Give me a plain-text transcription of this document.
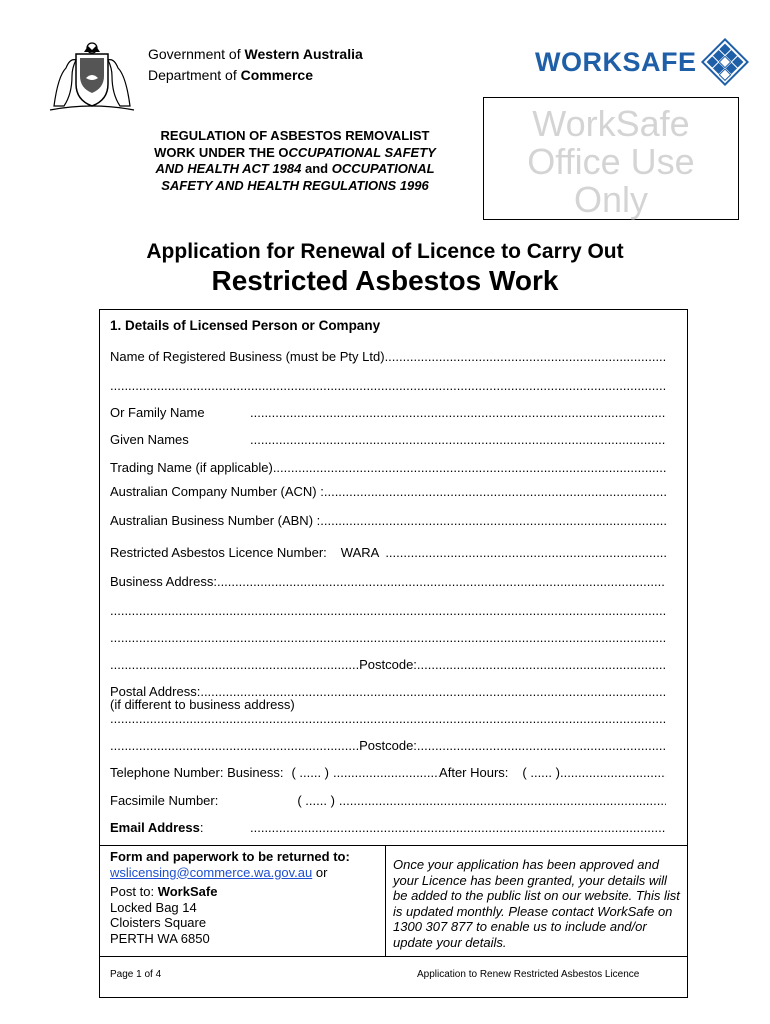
Government of Western Australia
Department of Commerce	WORKSAFE
WorkSafe
Office Use
Only
REGULATION OF ASBESTOS REMOVALIST
WORK UNDER THE OCCUPATIONAL SAFETY
AND HEALTH ACT 1984 and OCCUPATIONAL
SAFETY AND HEALTH REGULATIONS 1996
Application for Renewal of Licence to Carry Out
Restricted Asbestos Work
1. Details of Licensed Person or Company
Name of Registered Business (must be Pty Ltd)
.....
.....
Or Family Name
.....
Given Names
.....
Trading Name (if applicable)
.....
Australian Company Number (ACN) :
.....
Australian Business Number (ABN) :
.....
Restricted Asbestos Licence Number: WARA
.....
Business Address:
.....
.....
.....
.....
Postcode:
.....
Postal Address:
.....
(if different to business address)
.....
.....
Postcode:
.....
Telephone Number: Business: ( ...... )
.....	After Hours: ( ...... )
.....
Facsimile Number:	( ...... )
.....
Email Address:
.....
Form and paperwork to be returned to:
wslicensing@commerce.wa.gov.au or
Post to: WorkSafe
Locked Bag 14
Cloisters Square
PERTH WA 6850
Once your application has been approved and your Licence has been granted, your details will be added to the public list on our website. This list is updated monthly. Please contact WorkSafe on 1300 307 877 to enable us to include and/or update your details.
Page 1 of 4	Application to Renew Restricted Asbestos Licence
